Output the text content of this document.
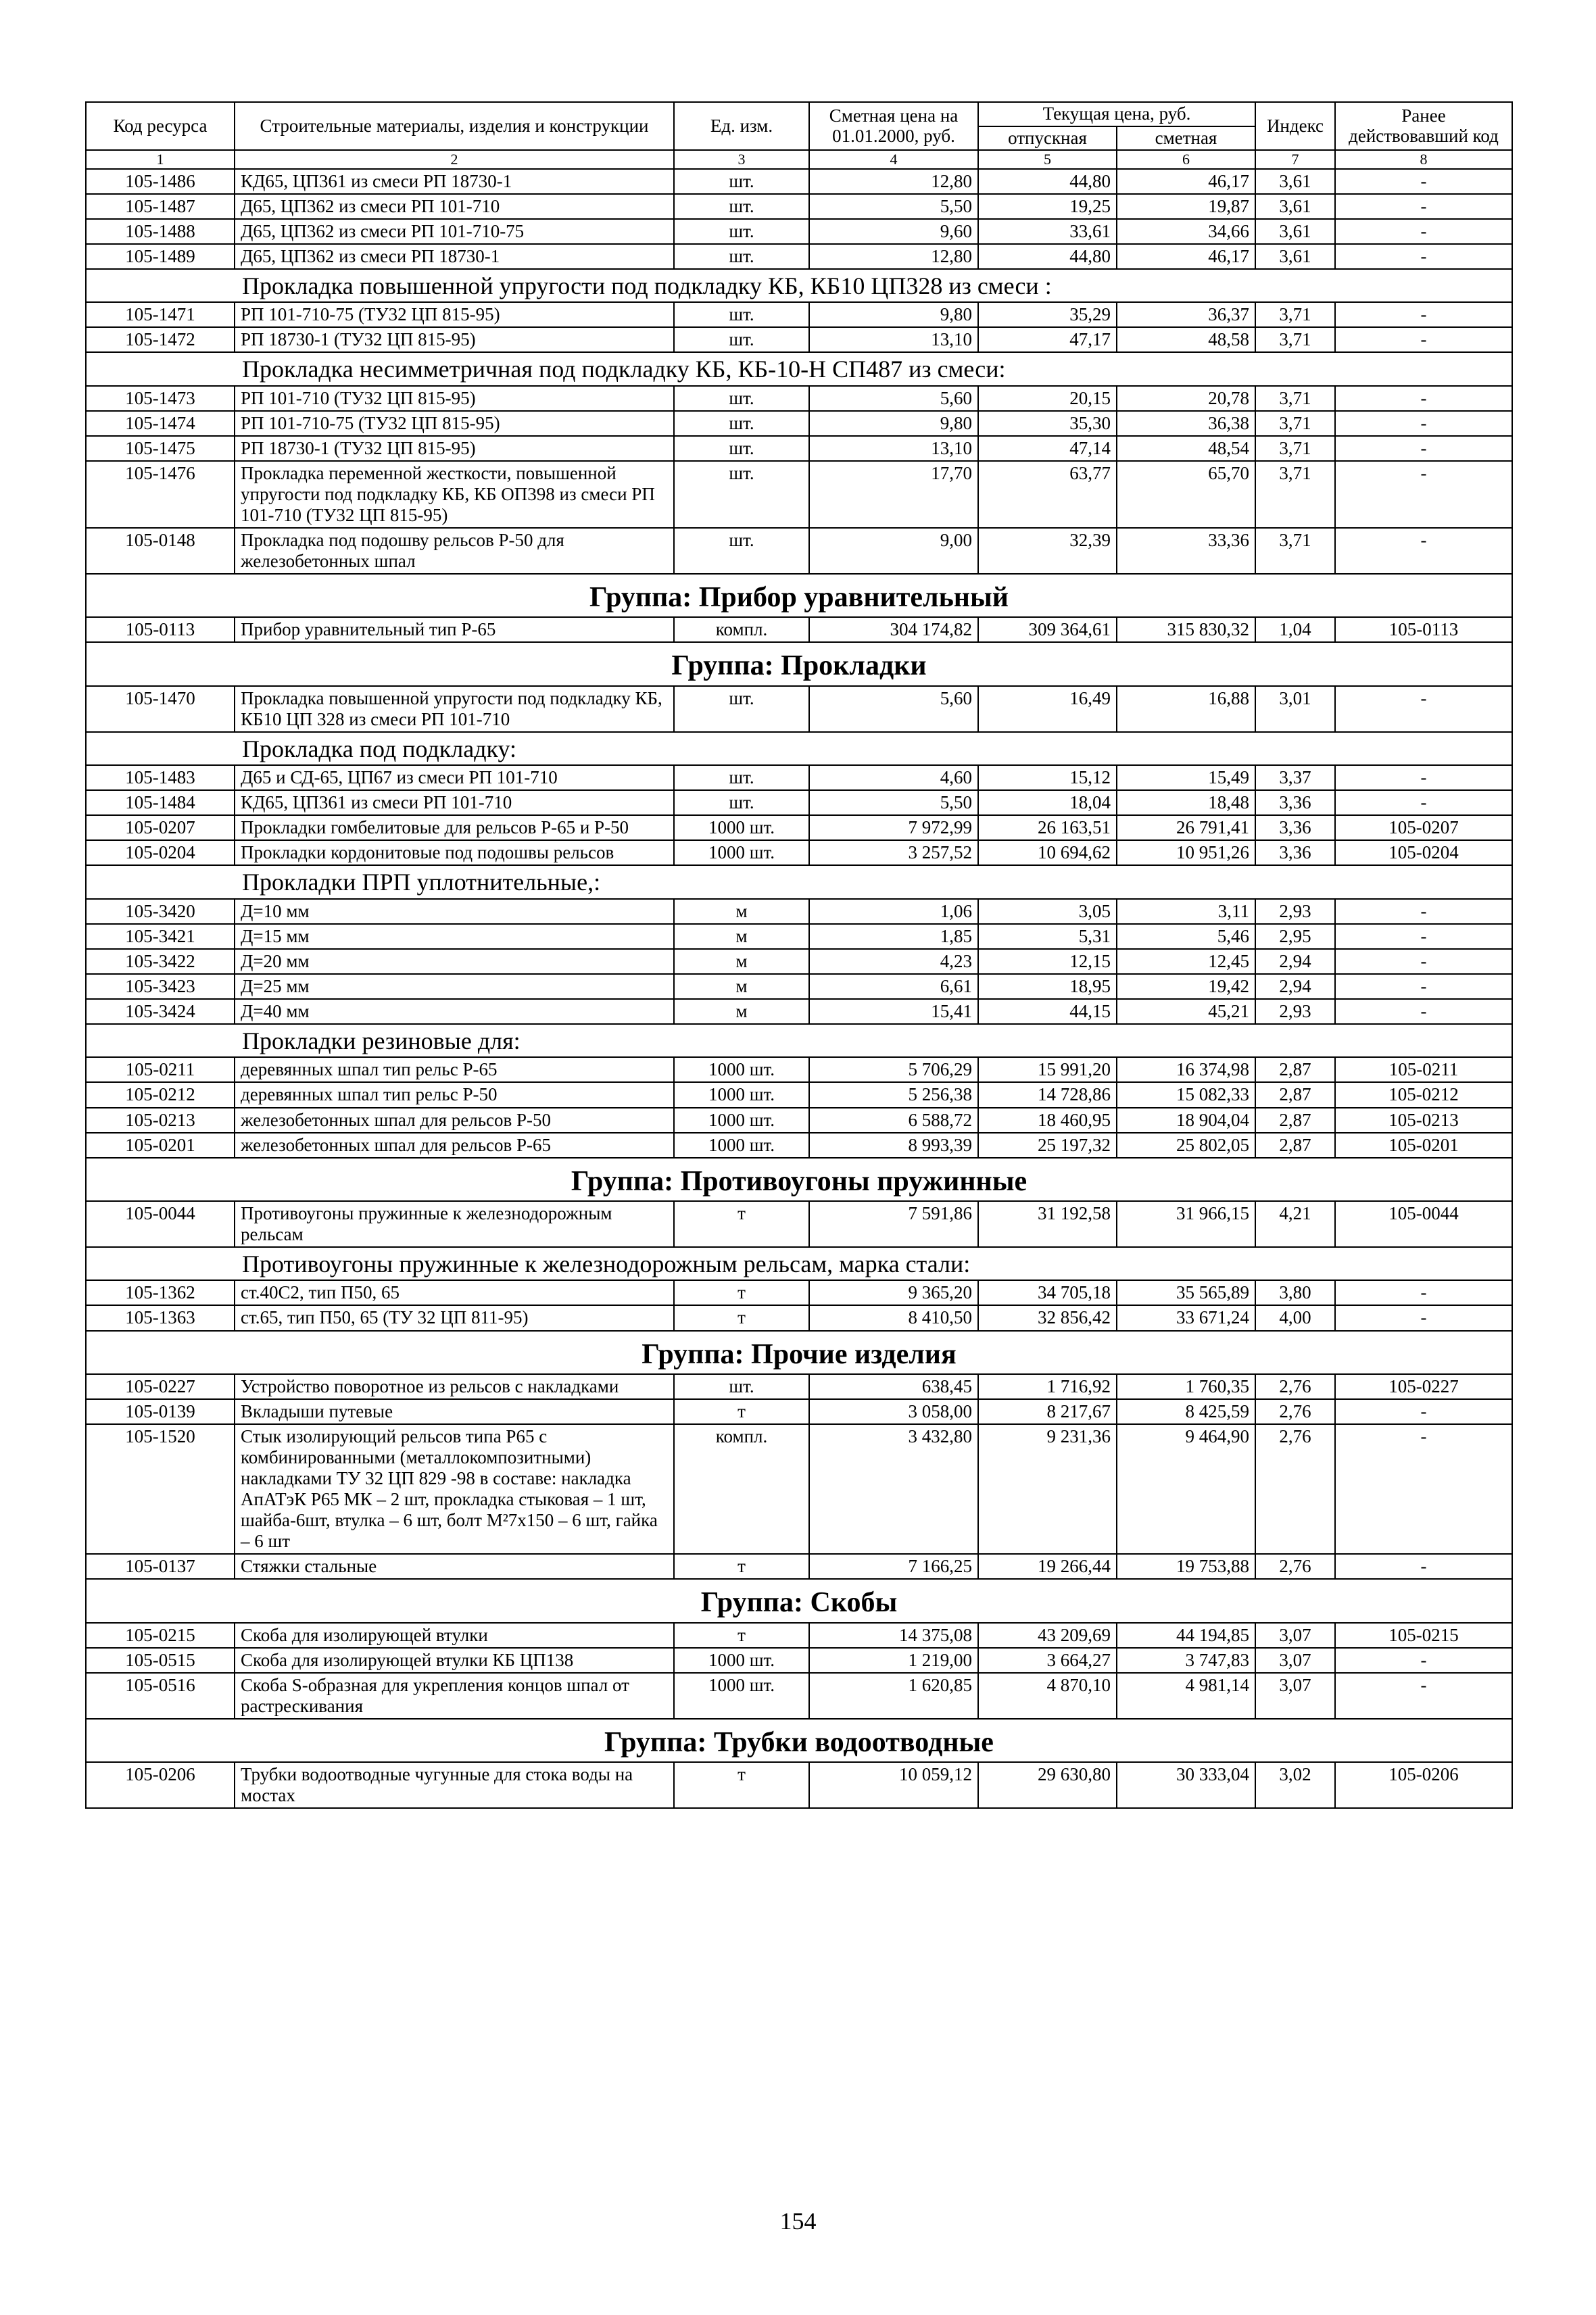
Код ресурса	Строительные материалы, изделия и конструкции	Ед. изм.	Сметная цена на 01.01.2000, руб.	Текущая цена, руб.		Индекс	Ранее действовавший код
				отпускная	сметная		
1	2	3	4	5	6	7	8
105-1486	КД65, ЦП361 из смеси РП 18730-1	шт.	12,80	44,80	46,17	3,61	-
105-1487	Д65, ЦП362 из смеси РП 101-710	шт.	5,50	19,25	19,87	3,61	-
105-1488	Д65, ЦП362 из смеси РП 101-710-75	шт.	9,60	33,61	34,66	3,61	-
105-1489	Д65, ЦП362 из смеси РП 18730-1	шт.	12,80	44,80	46,17	3,61	-
Прокладка повышенной упругости под подкладку КБ, КБ10 ЦП328 из смеси :							
105-1471	РП 101-710-75 (ТУ32 ЦП 815-95)	шт.	9,80	35,29	36,37	3,71	-
105-1472	РП 18730-1 (ТУ32 ЦП 815-95)	шт.	13,10	47,17	48,58	3,71	-
Прокладка несимметричная под подкладку КБ, КБ-10-Н СП487 из смеси:							
105-1473	РП 101-710 (ТУ32 ЦП 815-95)	шт.	5,60	20,15	20,78	3,71	-
105-1474	РП 101-710-75 (ТУ32 ЦП 815-95)	шт.	9,80	35,30	36,38	3,71	-
105-1475	РП 18730-1 (ТУ32 ЦП 815-95)	шт.	13,10	47,14	48,54	3,71	-
105-1476	Прокладка переменной жесткости, повышенной упругости под подкладку КБ, КБ ОП398 из смеси РП 101-710 (ТУ32 ЦП 815-95)	шт.	17,70	63,77	65,70	3,71	-
105-0148	Прокладка под подошву рельсов Р-50 для железобетонных шпал	шт.	9,00	32,39	33,36	3,71	-
Группа: Прибор уравнительный							
105-0113	Прибор уравнительный тип Р-65	компл.	304 174,82	309 364,61	315 830,32	1,04	105-0113
Группа: Прокладки							
105-1470	Прокладка повышенной упругости под подкладку КБ, КБ10 ЦП 328 из смеси РП 101-710	шт.	5,60	16,49	16,88	3,01	-
Прокладка под подкладку:							
105-1483	Д65 и СД-65, ЦП67 из смеси РП 101-710	шт.	4,60	15,12	15,49	3,37	-
105-1484	КД65, ЦП361 из смеси РП 101-710	шт.	5,50	18,04	18,48	3,36	-
105-0207	Прокладки гомбелитовые для рельсов Р-65 и Р-50	1000 шт.	7 972,99	26 163,51	26 791,41	3,36	105-0207
105-0204	Прокладки кордонитовые под подошвы рельсов	1000 шт.	3 257,52	10 694,62	10 951,26	3,36	105-0204
Прокладки ПРП уплотнительные,:							
105-3420	Д=10 мм	м	1,06	3,05	3,11	2,93	-
105-3421	Д=15 мм	м	1,85	5,31	5,46	2,95	-
105-3422	Д=20 мм	м	4,23	12,15	12,45	2,94	-
105-3423	Д=25 мм	м	6,61	18,95	19,42	2,94	-
105-3424	Д=40 мм	м	15,41	44,15	45,21	2,93	-
Прокладки резиновые для:							
105-0211	деревянных шпал тип рельс Р-65	1000 шт.	5 706,29	15 991,20	16 374,98	2,87	105-0211
105-0212	деревянных шпал тип рельс Р-50	1000 шт.	5 256,38	14 728,86	15 082,33	2,87	105-0212
105-0213	железобетонных шпал для рельсов Р-50	1000 шт.	6 588,72	18 460,95	18 904,04	2,87	105-0213
105-0201	железобетонных шпал для рельсов Р-65	1000 шт.	8 993,39	25 197,32	25 802,05	2,87	105-0201
Группа: Противоугоны пружинные							
105-0044	Противоугоны пружинные к железнодорожным рельсам	т	7 591,86	31 192,58	31 966,15	4,21	105-0044
Противоугоны пружинные к железнодорожным рельсам, марка стали:							
105-1362	ст.40С2, тип П50, 65	т	9 365,20	34 705,18	35 565,89	3,80	-
105-1363	ст.65, тип П50, 65 (ТУ 32 ЦП 811-95)	т	8 410,50	32 856,42	33 671,24	4,00	-
Группа: Прочие изделия							
105-0227	Устройство поворотное из рельсов с накладками	шт.	638,45	1 716,92	1 760,35	2,76	105-0227
105-0139	Вкладыши путевые	т	3 058,00	8 217,67	8 425,59	2,76	-
105-1520	Стык изолирующий рельсов типа Р65 с комбинированными (металлокомпозитными) накладками ТУ 32 ЦП 829 -98 в составе: накладка АпАТэК Р65 МК – 2 шт, прокладка стыковая – 1 шт, шайба-6шт, втулка – 6 шт, болт М²7х150 – 6 шт, гайка – 6 шт	компл.	3 432,80	9 231,36	9 464,90	2,76	-
105-0137	Стяжки стальные	т	7 166,25	19 266,44	19 753,88	2,76	-
Группа: Скобы							
105-0215	Скоба для изолирующей втулки	т	14 375,08	43 209,69	44 194,85	3,07	105-0215
105-0515	Скоба для изолирующей втулки КБ ЦП138	1000 шт.	1 219,00	3 664,27	3 747,83	3,07	-
105-0516	Скоба S-образная для укрепления концов шпал от растрескивания	1000 шт.	1 620,85	4 870,10	4 981,14	3,07	-
Группа: Трубки водоотводные							
105-0206	Трубки водоотводные чугунные для стока воды на мостах	т	10 059,12	29 630,80	30 333,04	3,02	105-0206
154
